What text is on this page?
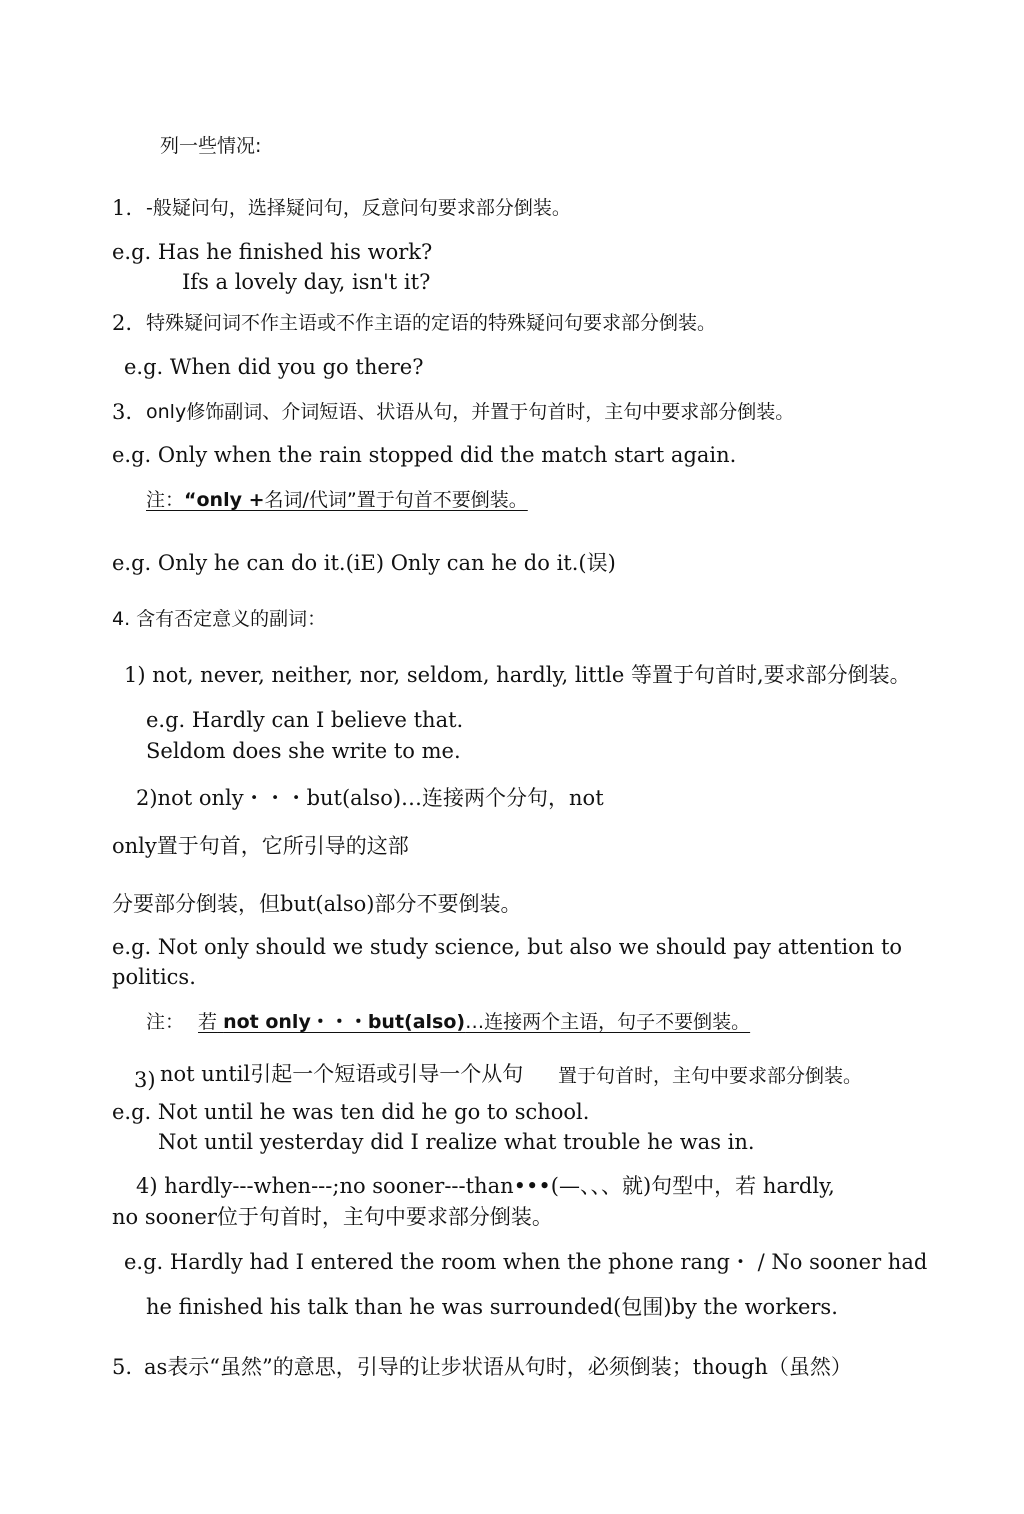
列一些情况:
1. -般疑问句，选择疑问句，反意问句要求部分倒装。
e.g. Has he finished his work?
Ifs a lovely day, isn't it?
2. 特殊疑问词不作主语或不作主语的定语的特殊疑问句要求部分倒装。
e.g. When did you go there?
3. only修饰副词、介词短语、状语从句，并置于句首时，主句中要求部分倒装。
e.g. Only when the rain stopped did the match start again.
注：“only +名词/代词”置于句首不要倒装。
e.g. Only he can do it.(iE) Only can he do it.(误)
4. 含有否定意义的副词：
1) not, never, neither, nor, seldom, hardly, little 等置于句首时,要求部分倒装。
e.g. Hardly can I believe that.
Seldom does she write to me.
2)not only・・・but(also)…连接两个分句，not
only置于句首，它所引导的这部
分要部分倒装，但but(also)部分不要倒装。
e.g. Not only should we study science, but also we should pay attention to
politics.
注： 若 not only・・・but(also)…连接两个主语，句子不要倒装。
3) not until引起一个短语或引导一个从句 置于句首时，主句中要求部分倒装。
e.g. Not until he was ten did he go to school.
Not until yesterday did I realize what trouble he was in.
4) hardly---when---;no sooner---than•••(—、、、就)句型中，若 hardly,
no sooner位于句首时，主句中要求部分倒装。
e.g. Hardly had I entered the room when the phone rang・ / No sooner had
he finished his talk than he was surrounded(包围)by the workers.
5. as表示“虽然”的意思，引导的让步状语从句时，必须倒装；though（虽然）
